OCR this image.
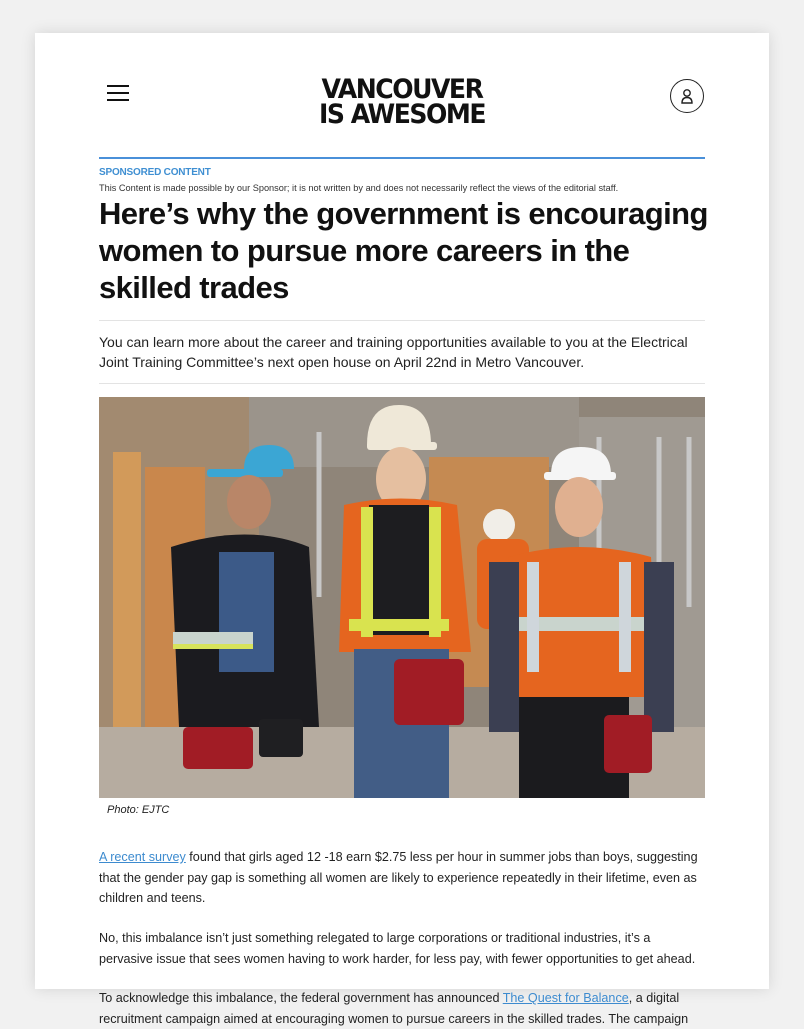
VANCOUVER
IS AWESOME
SPONSORED CONTENT
This Content is made possible by our Sponsor; it is not written by and does not necessarily reflect the views of the editorial staff.
Here’s why the government is encouraging women to pursue more careers in the skilled trades

You can learn more about the career and training opportunities available to you at the Electrical Joint Training Committee’s next open house on April 22nd in Metro Vancouver.

Photo: EJTC

A recent survey found that girls aged 12 -18 earn $2.75 less per hour in summer jobs than boys, suggesting that the gender pay gap is something all women are likely to experience repeatedly in their lifetime, even as children and teens.

No, this imbalance isn’t just something relegated to large corporations or traditional industries, it’s a pervasive issue that sees women having to work harder, for less pay, with fewer opportunities to get ahead.

To acknowledge this imbalance, the federal government has announced The Quest for Balance, a digital recruitment campaign aimed at encouraging women to pursue careers in the skilled trades. The campaign
